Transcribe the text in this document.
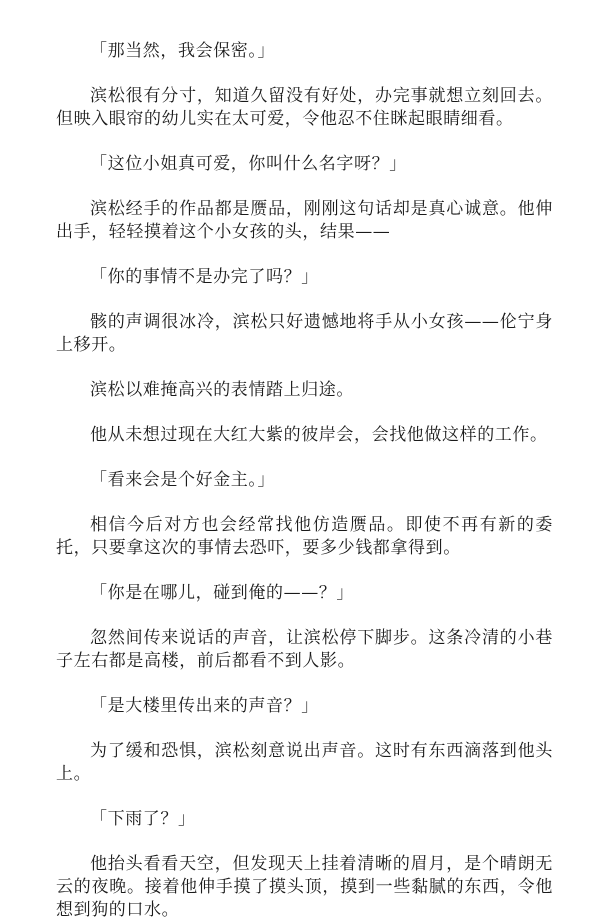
「那当然，我会保密。」

滨松很有分寸，知道久留没有好处，办完事就想立刻回去。但映入眼帘的幼儿实在太可爱，令他忍不住眯起眼睛细看。

「这位小姐真可爱，你叫什么名字呀？」

滨松经手的作品都是赝品，刚刚这句话却是真心诚意。他伸出手，轻轻摸着这个小女孩的头，结果——

「你的事情不是办完了吗？」

骸的声调很冰冷，滨松只好遗憾地将手从小女孩——伦宁身上移开。

滨松以难掩高兴的表情踏上归途。

他从未想过现在大红大紫的彼岸会，会找他做这样的工作。

「看来会是个好金主。」

相信今后对方也会经常找他仿造赝品。即使不再有新的委托，只要拿这次的事情去恐吓，要多少钱都拿得到。

「你是在哪儿，碰到俺的——？」

忽然间传来说话的声音，让滨松停下脚步。这条冷清的小巷子左右都是高楼，前后都看不到人影。

「是大楼里传出来的声音？」

为了缓和恐惧，滨松刻意说出声音。这时有东西滴落到他头上。

「下雨了？」

他抬头看看天空，但发现天上挂着清晰的眉月，是个晴朗无云的夜晚。接着他伸手摸了摸头顶，摸到一些黏腻的东西，令他想到狗的口水。
